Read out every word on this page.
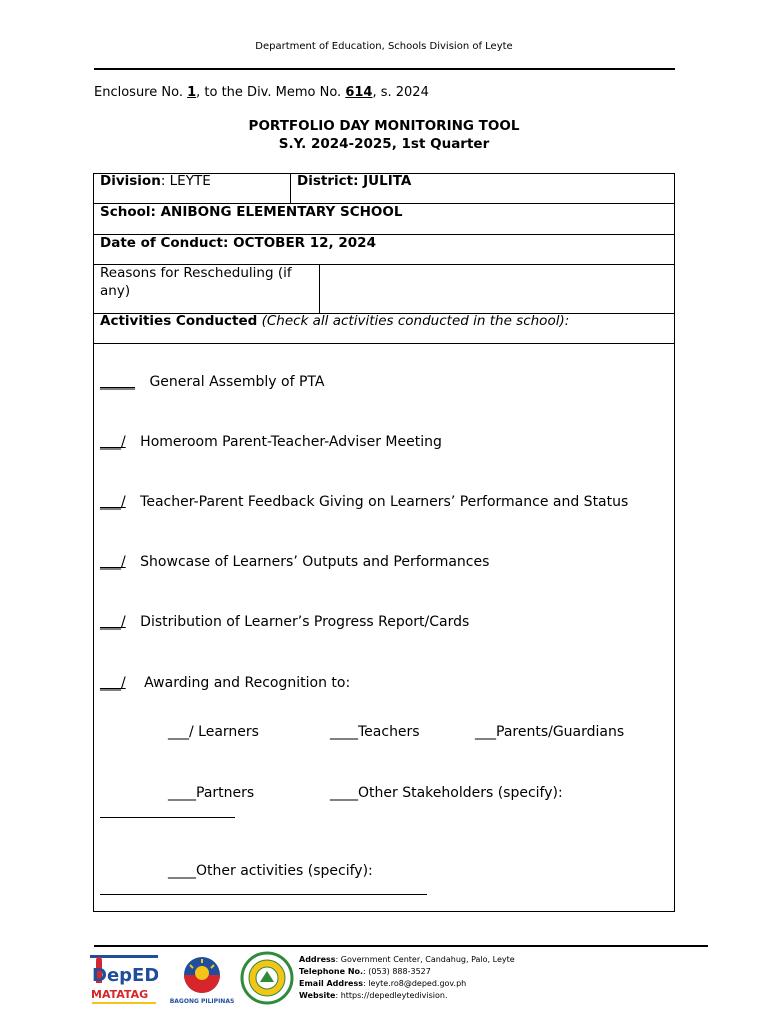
Department of Education, Schools Division of Leyte
Enclosure No. 1, to the Div. Memo No. 614, s. 2024
PORTFOLIO DAY MONITORING TOOL
S.Y. 2024-2025, 1st Quarter
Division: LEYTE	District: JULITA
School: ANIBONG ELEMENTARY SCHOOL
Date of Conduct: OCTOBER 12, 2024
Reasons for Rescheduling (if
any)
Activities Conducted (Check all activities conducted in the school):
_____ General Assembly of PTA
___/ Homeroom Parent-Teacher-Adviser Meeting
___/ Teacher-Parent Feedback Giving on Learners’ Performance and Status
___/ Showcase of Learners’ Outputs and Performances
___/ Distribution of Learner’s Progress Report/Cards
___/ Awarding and Recognition to:
___/ Learners	____Teachers	___Parents/Guardians
____Partners	____Other Stakeholders (specify):
____Other activities (specify):
DepED
MATATAG
BAGONG PILIPINAS
Address: Government Center, Candahug, Palo, Leyte
Telephone No.: (053) 888-3527
Email Address: leyte.ro8@deped.gov.ph
Website: https://depedleytedivision.
